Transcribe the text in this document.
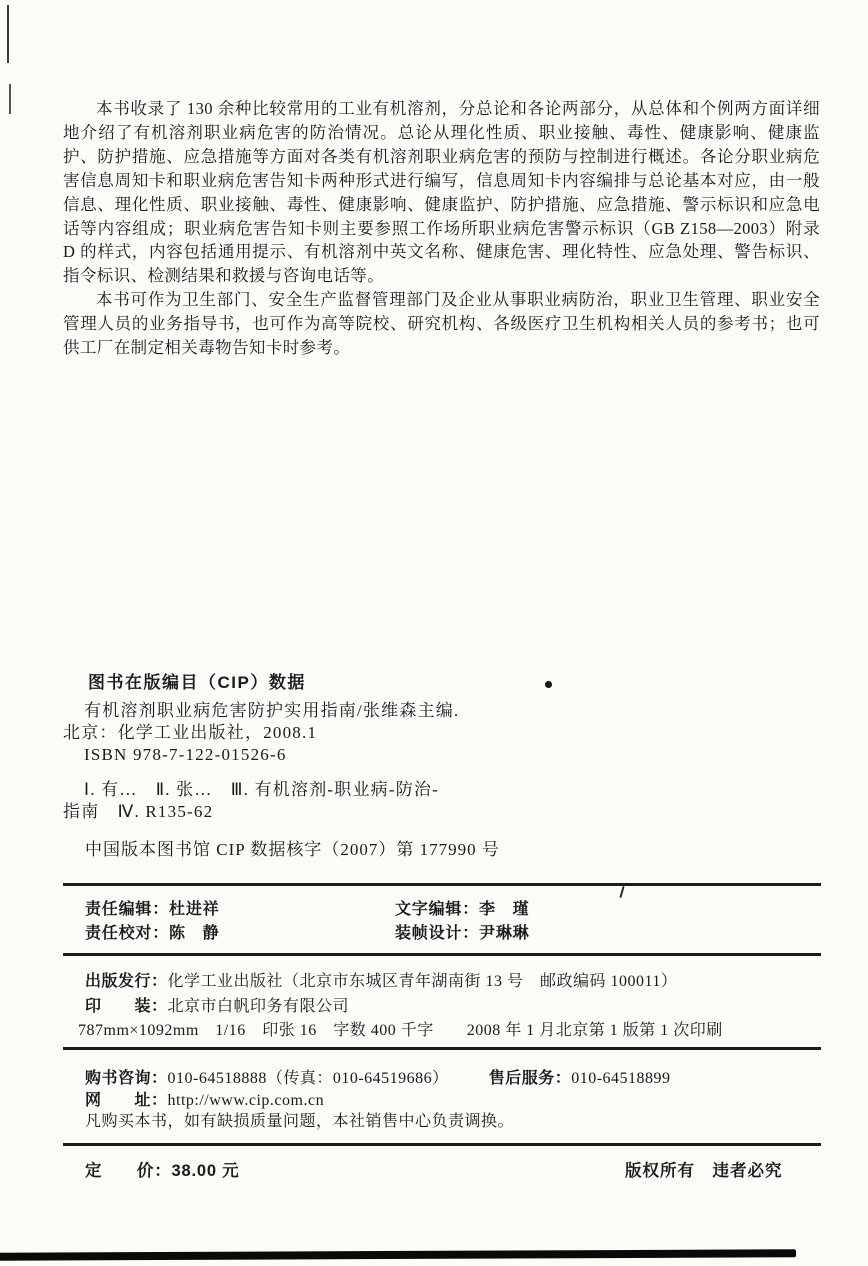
本书收录了 130 余种比较常用的工业有机溶剂，分总论和各论两部分，从总体和个例两方面详细地介绍了有机溶剂职业病危害的防治情况。总论从理化性质、职业接触、毒性、健康影响、健康监护、防护措施、应急措施等方面对各类有机溶剂职业病危害的预防与控制进行概述。各论分职业病危害信息周知卡和职业病危害告知卡两种形式进行编写，信息周知卡内容编排与总论基本对应，由一般信息、理化性质、职业接触、毒性、健康影响、健康监护、防护措施、应急措施、警示标识和应急电话等内容组成；职业病危害告知卡则主要参照工作场所职业病危害警示标识（GB Z158—2003）附录 D 的样式，内容包括通用提示、有机溶剂中英文名称、健康危害、理化特性、应急处理、警告标识、指令标识、检测结果和救援与咨询电话等。

本书可作为卫生部门、安全生产监督管理部门及企业从事职业病防治，职业卫生管理、职业安全管理人员的业务指导书，也可作为高等院校、研究机构、各级医疗卫生机构相关人员的参考书；也可供工厂在制定相关毒物告知卡时参考。

图书在版编目（CIP）数据
有机溶剂职业病危害防护实用指南/张维森主编.
北京：化学工业出版社，2008.1
ISBN 978-7-122-01526-6
Ⅰ. 有…　Ⅱ. 张…　Ⅲ. 有机溶剂-职业病-防治-
指南　Ⅳ. R135-62
中国版本图书馆 CIP 数据核字（2007）第 177990 号
责任编辑：杜进祥	文字编辑：李　瑾
责任校对：陈　静	装帧设计：尹琳琳
出版发行：化学工业出版社（北京市东城区青年湖南街 13 号　邮政编码 100011）
印　　装：北京市白帆印务有限公司
787mm×1092mm　1/16　印张 16　字数 400 千字　　2008 年 1 月北京第 1 版第 1 次印刷
购书咨询：010-64518888（传真：010-64519686）	售后服务：010-64518899
网　　址：http://www.cip.com.cn
凡购买本书，如有缺损质量问题，本社销售中心负责调换。
定　　价：38.00 元	版权所有　违者必究
